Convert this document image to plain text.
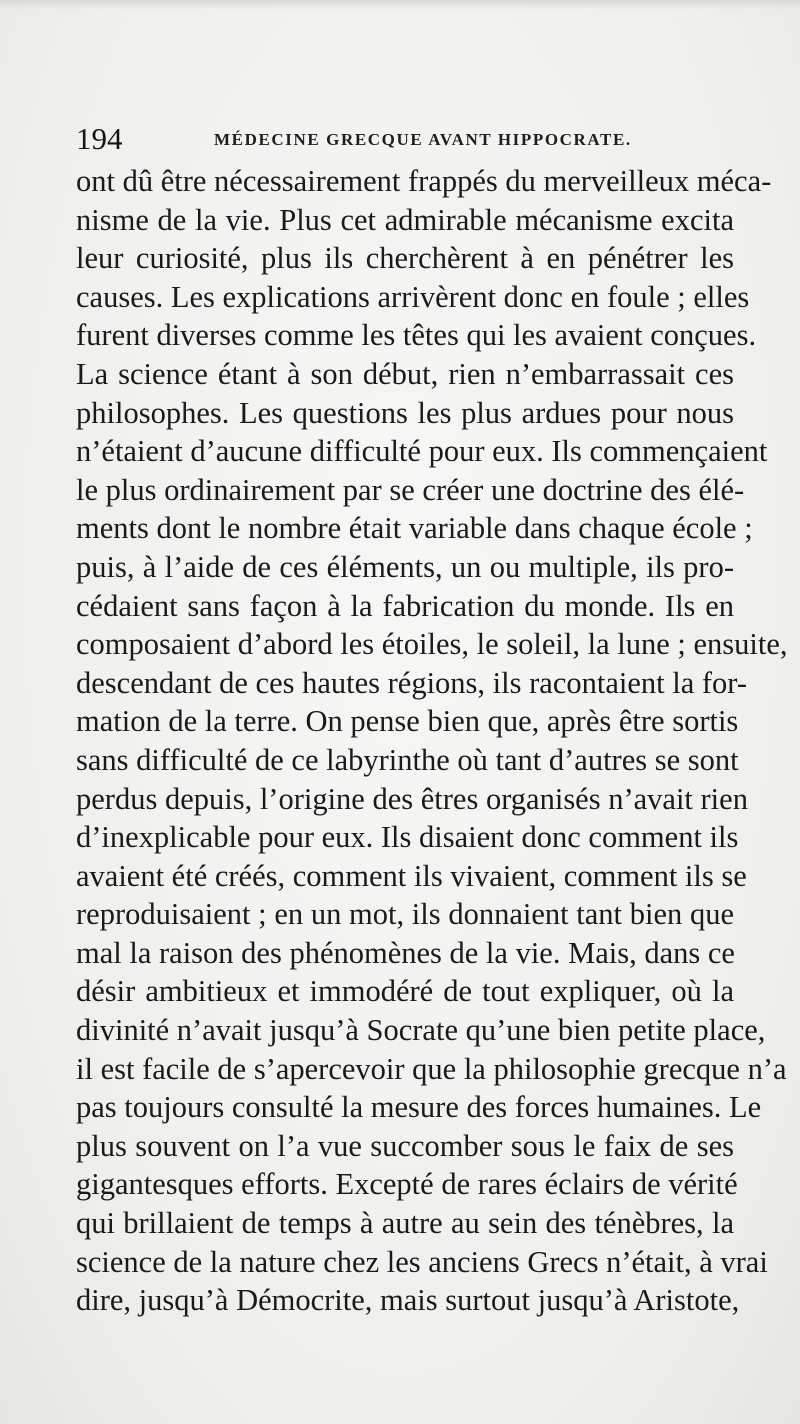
194	MÉDECINE GRECQUE AVANT HIPPOCRATE.
ont dû être nécessairement frappés du merveilleux méca-
nisme de la vie. Plus cet admirable mécanisme excita
leur curiosité, plus ils cherchèrent à en pénétrer les
causes. Les explications arrivèrent donc en foule ; elles
furent diverses comme les têtes qui les avaient conçues.
La science étant à son début, rien n’embarrassait ces
philosophes. Les questions les plus ardues pour nous
n’étaient d’aucune difficulté pour eux. Ils commençaient
le plus ordinairement par se créer une doctrine des élé-
ments dont le nombre était variable dans chaque école ;
puis, à l’aide de ces éléments, un ou multiple, ils pro-
cédaient sans façon à la fabrication du monde. Ils en
composaient d’abord les étoiles, le soleil, la lune ; ensuite,
descendant de ces hautes régions, ils racontaient la for-
mation de la terre. On pense bien que, après être sortis
sans difficulté de ce labyrinthe où tant d’autres se sont
perdus depuis, l’origine des êtres organisés n’avait rien
d’inexplicable pour eux. Ils disaient donc comment ils
avaient été créés, comment ils vivaient, comment ils se
reproduisaient ; en un mot, ils donnaient tant bien que
mal la raison des phénomènes de la vie. Mais, dans ce
désir ambitieux et immodéré de tout expliquer, où la
divinité n’avait jusqu’à Socrate qu’une bien petite place,
il est facile de s’apercevoir que la philosophie grecque n’a
pas toujours consulté la mesure des forces humaines. Le
plus souvent on l’a vue succomber sous le faix de ses
gigantesques efforts. Excepté de rares éclairs de vérité
qui brillaient de temps à autre au sein des ténèbres, la
science de la nature chez les anciens Grecs n’était, à vrai
dire, jusqu’à Démocrite, mais surtout jusqu’à Aristote,
